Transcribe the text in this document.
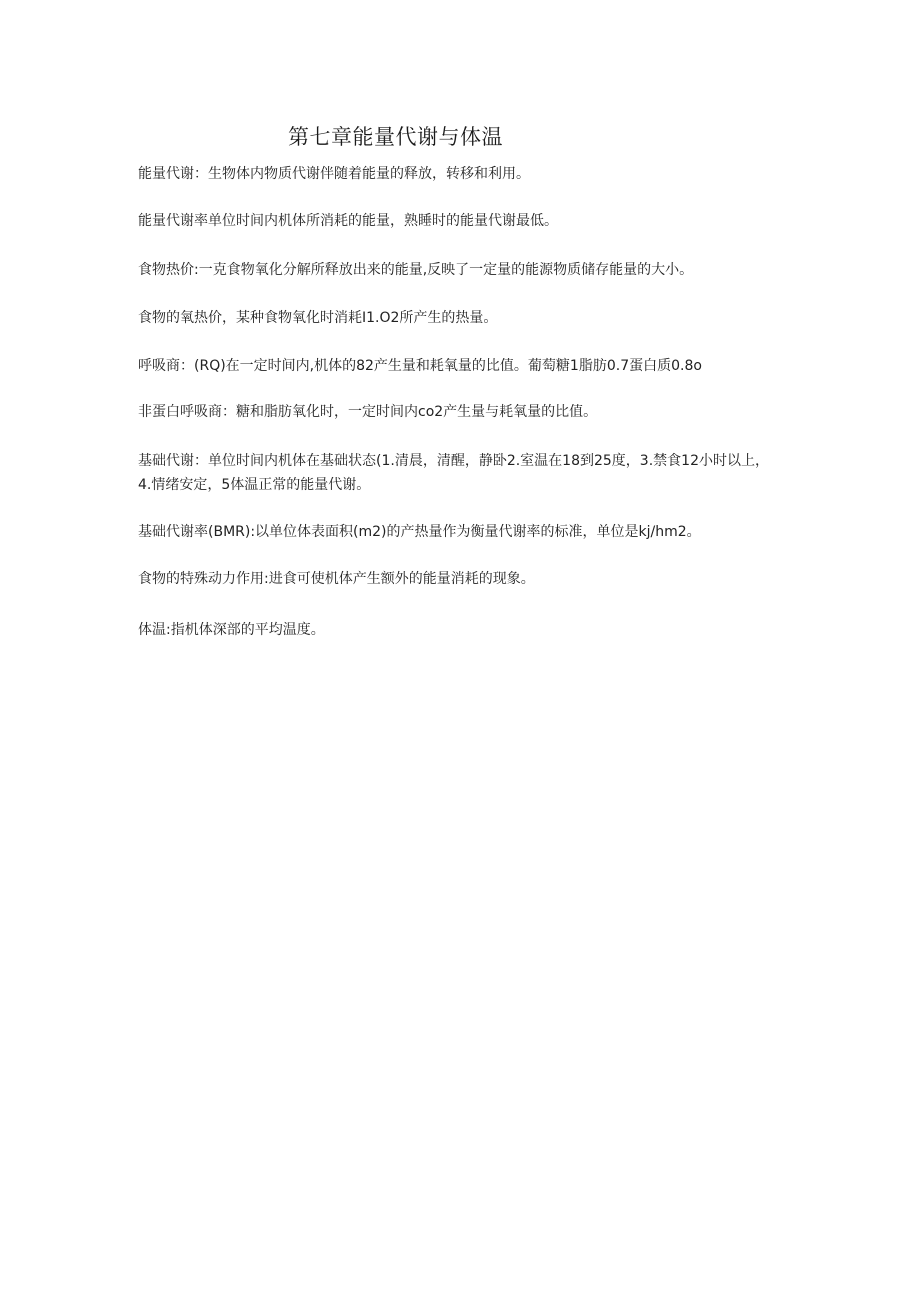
第七章能量代谢与体温

能量代谢：生物体内物质代谢伴随着能量的释放，转移和利用。

能量代谢率单位时间内机体所消耗的能量，熟睡时的能量代谢最低。

食物热价:一克食物氧化分解所释放出来的能量,反映了一定量的能源物质储存能量的大小。

食物的氧热价，某种食物氧化时消耗I1.O2所产生的热量。

呼吸商：(RQ)在一定时间内,机体的82产生量和耗氧量的比值。葡萄糖1脂肪0.7蛋白质0.8o

非蛋白呼吸商：糖和脂肪氧化时，一定时间内co2产生量与耗氧量的比值。

基础代谢：单位时间内机体在基础状态(1.清晨，清醒，静卧2.室温在18到25度，3.禁食12小时以上，4.情绪安定，5体温正常的能量代谢。

基础代谢率(BMR):以单位体表面积(m2)的产热量作为衡量代谢率的标准，单位是kj/hm2。

食物的特殊动力作用:进食可使机体产生额外的能量消耗的现象。

体温:指机体深部的平均温度。
